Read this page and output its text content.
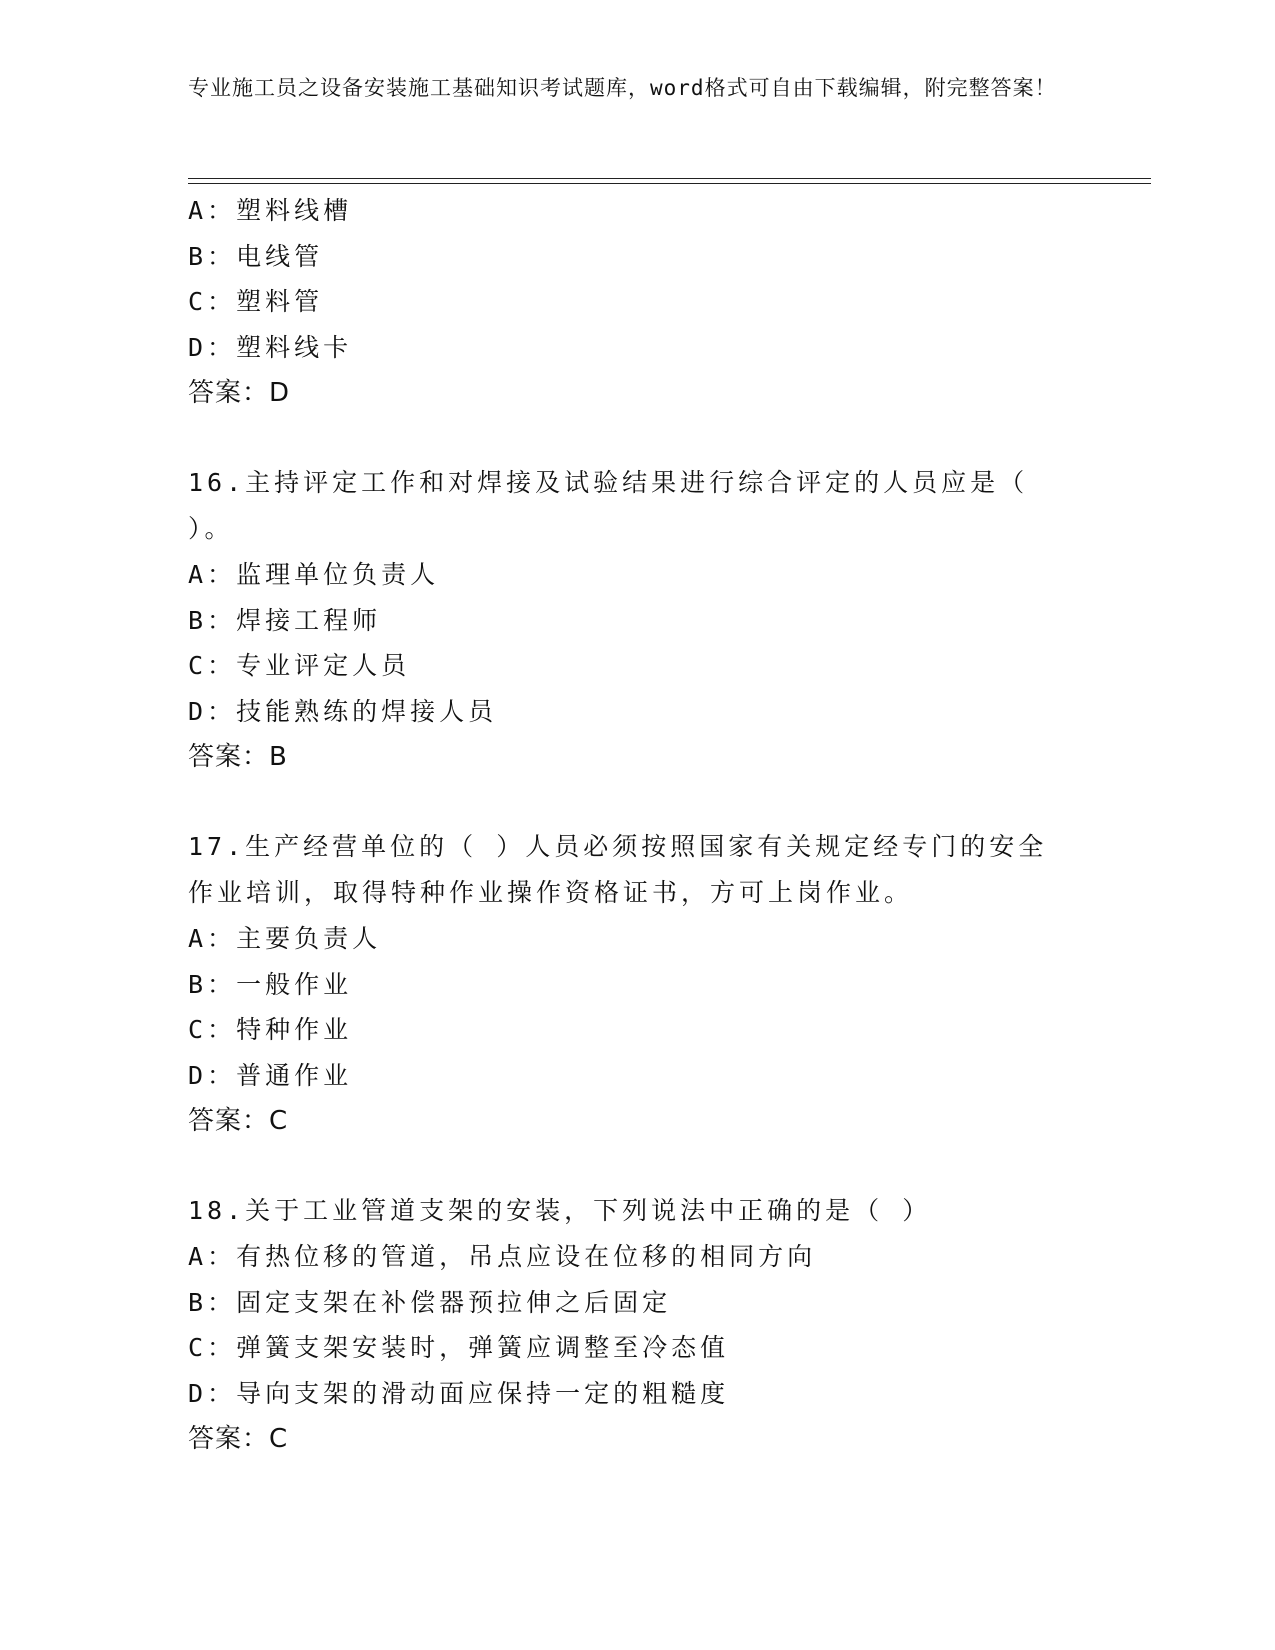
专业施工员之设备安装施工基础知识考试题库，word格式可自由下载编辑，附完整答案！
A：塑料线槽
B：电线管
C：塑料管
D：塑料线卡
答案：D
16.主持评定工作和对焊接及试验结果进行综合评定的人员应是（ ）。
A：监理单位负责人
B：焊接工程师
C：专业评定人员
D：技能熟练的焊接人员
答案：B
17.生产经营单位的（ ）人员必须按照国家有关规定经专门的安全作业培训，取得特种作业操作资格证书，方可上岗作业。
A：主要负责人
B：一般作业
C：特种作业
D：普通作业
答案：C
18.关于工业管道支架的安装，下列说法中正确的是（ ）
A：有热位移的管道，吊点应设在位移的相同方向
B：固定支架在补偿器预拉伸之后固定
C：弹簧支架安装时，弹簧应调整至冷态值
D：导向支架的滑动面应保持一定的粗糙度
答案：C
